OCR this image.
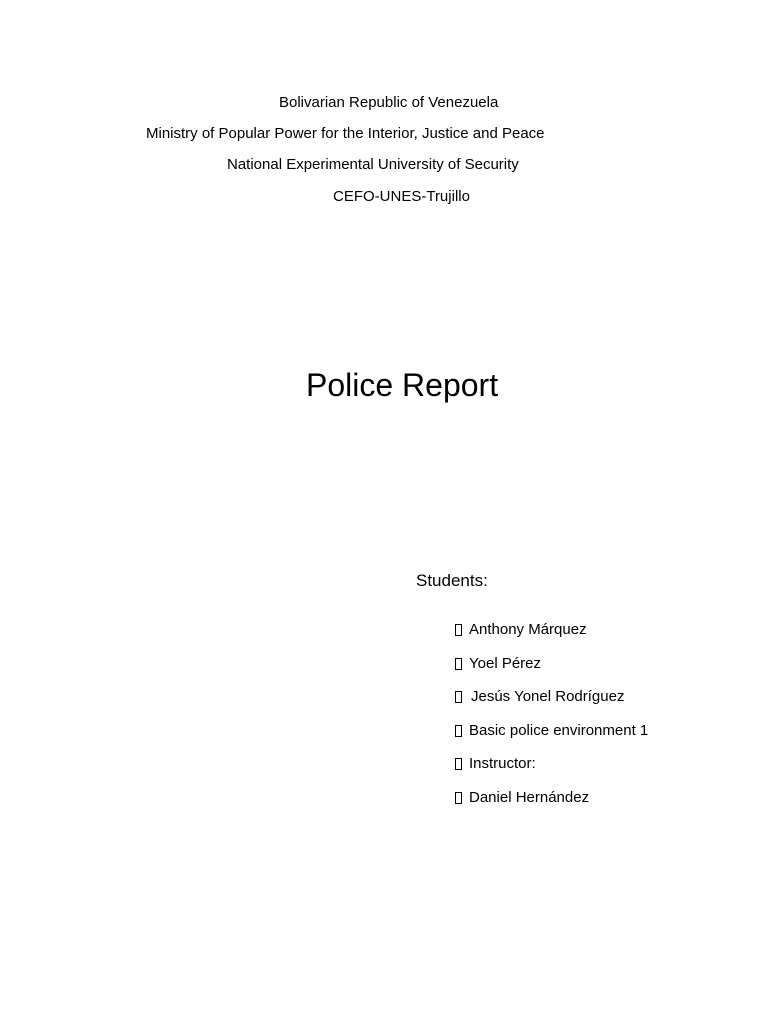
Bolivarian Republic of Venezuela
Ministry of Popular Power for the Interior, Justice and Peace
National Experimental University of Security
CEFO-UNES-Trujillo
Police Report
Students:
Anthony Márquez
Yoel Pérez
Jesús Yonel Rodríguez
Basic police environment 1
Instructor:
Daniel Hernández
